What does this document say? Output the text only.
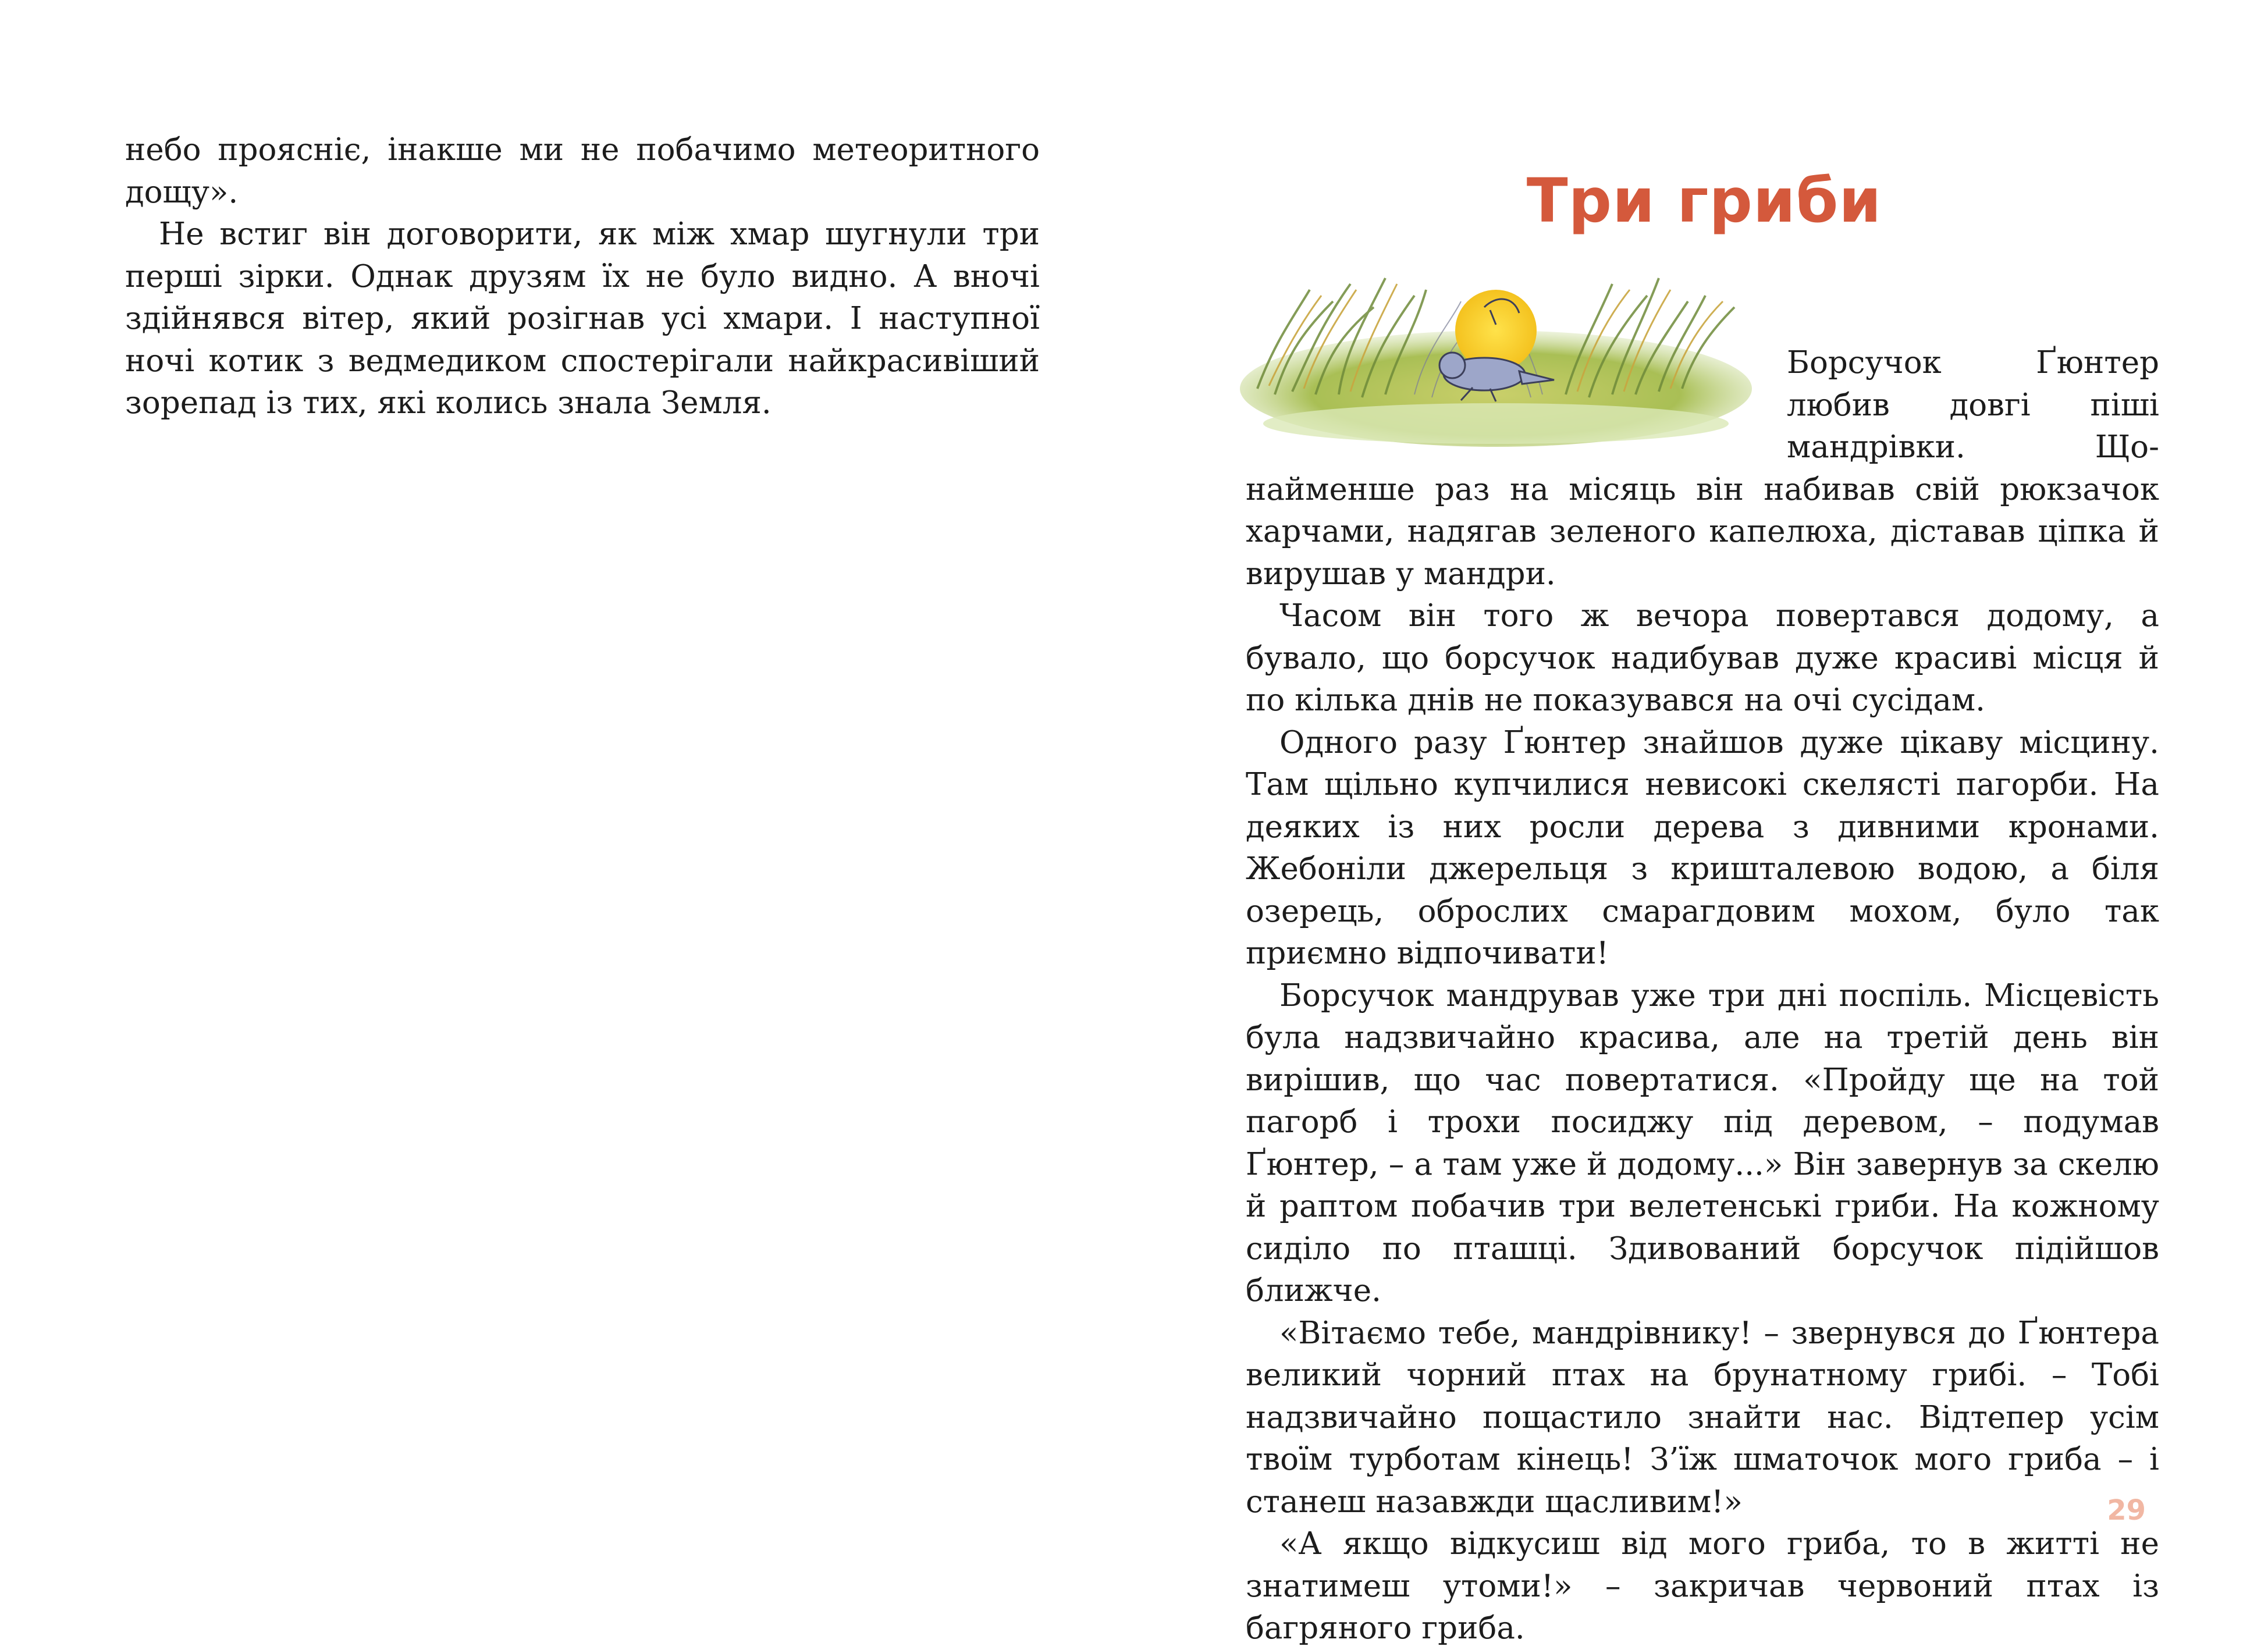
небо проясніє, інакше ми не побачимо метеоритного дощу».

Не встиг він договорити, як між хмар шугнули три перші зірки. Однак друзям їх не було видно. А вночі здійнявся вітер, який розігнав усі хмари. І наступної ночі котик з ведмедиком спостерігали найкрасивіший зорепад із тих, які колись знала Земля.

Три гриби

Борсучок Ґюнтер любив довгі піші мандрівки. Щонайменше раз на місяць він набивав свій рюкзачок харчами, надягав зеленого капелюха, діставав ціпка й вирушав у мандри.

Часом він того ж вечора повертався додому, а бувало, що борсучок надибував дуже красиві місця й по кілька днів не показувався на очі сусідам.

Одного разу Ґюнтер знайшов дуже цікаву місцину. Там щільно купчилися невисокі скелясті пагорби. На деяких із них росли дерева з дивними кронами. Жебоніли джерельця з кришталевою водою, а біля озерець, оброслих смарагдовим мохом, було так приємно відпочивати!

Борсучок мандрував уже три дні поспіль. Місцевість була надзвичайно красива, але на третій день він вирішив, що час повертатися. «Пройду ще на той пагорб і трохи посиджу під деревом, – подумав Ґюнтер, – а там уже й додому...» Він завернув за скелю й раптом побачив три велетенські гриби. На кожному сиділо по пташці. Здивований борсучок підійшов ближче.

«Вітаємо тебе, мандрівнику! – звернувся до Ґюнтера великий чорний птах на брунатному грибі. – Тобі надзвичайно пощастило знайти нас. Відтепер усім твоїм турботам кінець! З’їж шматочок мого гриба – і станеш назавжди щасливим!»

«А якщо відкусиш від мого гриба, то в житті не знатимеш утоми!» – закричав червоний птах із багряного гриба.

29
